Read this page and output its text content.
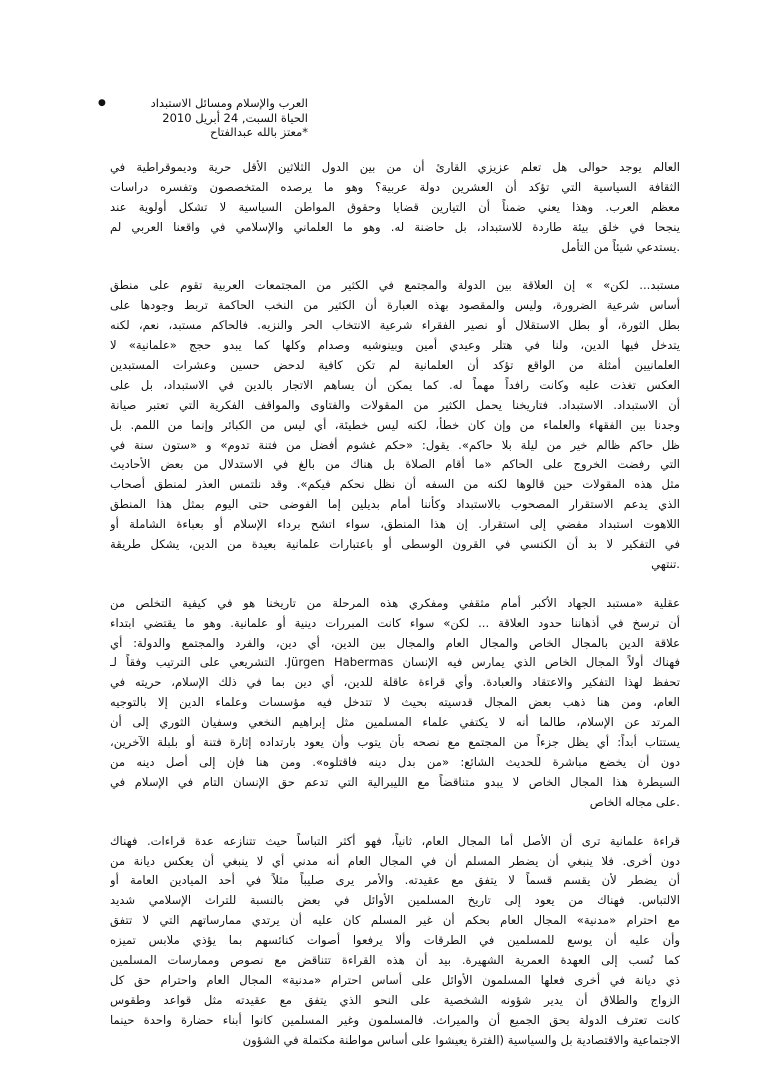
●	العرب والإسلام ومسائل الاستبداد
الحياة السبت, 24 أبريل 2010
*معتز بالله عبدالفتاح
العالم يوجد حوالى هل تعلم عزيزي القارئ أن من بين الدول الثلاثين الأقل حرية وديموقراطية في
الثقافة السياسية التي تؤكد أن العشرين دولة عربية؟ وهو ما يرصده المتخصصون وتفسره دراسات
معظم العرب. وهذا يعني ضمناً أن التيارين قضايا وحقوق المواطن السياسية لا تشكل أولوية عند
ينجحا في خلق بيئة طاردة للاستبداد، بل حاضنة له. وهو ما العلماني والإسلامي في واقعنا العربي لم
.يستدعي شيئاً من التأمل
مستبد... لكن» » إن العلاقة بين الدولة والمجتمع في الكثير من المجتمعات العربية تقوم على منطق
أساس شرعية الضرورة، وليس والمقصود بهذه العبارة أن الكثير من النخب الحاكمة تربط وجودها على
بطل الثورة، أو بطل الاستقلال أو نصير الفقراء شرعية الانتخاب الحر والنزيه. فالحاكم مستبد، نعم، لكنه
يتدخل فيها الدين، ولنا في هتلر وعيدي أمين وبينوشيه وصدام وكلها كما يبدو حجج «علمانية» لا
العلمانيين أمثلة من الواقع تؤكد أن العلمانية لم تكن كافية لدحض حسين وعشرات المستبدين
العكس تغذت عليه وكانت رافداً مهماً له. كما يمكن أن يساهم الاتجار بالدين في الاستبداد، بل على
أن الاستبداد. الاستبداد. فتاريخنا يحمل الكثير من المقولات والفتاوى والمواقف الفكرية التي تعتبر صيانة
وجدنا بين الفقهاء والعلماء من وإن كان خطأ، لكنه ليس خطيئة، أي ليس من الكبائر وإنما من اللمم. بل
ظل حاكم ظالم خير من ليلة بلا حاكم». يقول: «حكم غشوم أفضل من فتنة تدوم» و «ستون سنة في
التي رفضت الخروج على الحاكم «ما أقام الصلاة بل هناك من بالغ في الاستدلال من بعض الأحاديث
مثل هذه المقولات حين قالوها لكنه من السفه أن نظل نحكم فيكم». وقد نلتمس العذر لمنطق أصحاب
الذي يدعم الاستقرار المصحوب بالاستبداد وكأننا أمام بديلين إما الفوضى حتى اليوم بمثل هذا المنطق
اللاهوت استبداد مفضي إلى استقرار. إن هذا المنطق، سواء اتشح برداء الإسلام أو بعباءة الشاملة أو
في التفكير لا بد أن الكنسي في القرون الوسطى أو باعتبارات علمانية بعيدة من الدين، يشكل طريقة
.تنتهي
عقلية «مستبد الجهاد الأكبر أمام مثقفي ومفكري هذه المرحلة من تاريخنا هو في كيفية التخلص من
أن ترسخ في أذهاننا حدود العلاقة ... لكن» سواء كانت المبررات دينية أو علمانية. وهو ما يقتضي ابتداء
علاقة الدين بالمجال الخاص والمجال العام والمجال بين الدين، أي دين، والفرد والمجتمع والدولة: أي
فهناك أولاً المجال الخاص الذي يمارس فيه الإنسان Jürgen Habermas. التشريعي على الترتيب وفقاً لـ
تحفظ لهذا التفكير والاعتقاد والعبادة. وأي قراءة عاقلة للدين، أي دين بما في ذلك الإسلام، حريته في
العام، ومن هنا ذهب بعض المجال قدسيته بحيث لا تتدخل فيه مؤسسات وعلماء الدين إلا بالتوجيه
المرتد عن الإسلام، طالما أنه لا يكتفي علماء المسلمين مثل إبراهيم النخعي وسفيان الثوري إلى أن
يستتاب أبداً: أي يظل جزءاً من المجتمع مع نصحه بأن يتوب وأن يعود بارتداده إثارة فتنة أو بلبلة الآخرين،
دون أن يخضع مباشرة للحديث الشائع: «من بدل دينه فاقتلوه». ومن هنا فإن إلى أصل دينه من
السيطرة هذا المجال الخاص لا يبدو متناقضاً مع الليبرالية التي تدعم حق الإنسان التام في الإسلام في
.على مجاله الخاص
قراءة علمانية ترى أن الأصل أما المجال العام، ثانياً، فهو أكثر التباساً حيث تتنازعه عدة قراءات. فهناك
دون أخرى. فلا ينبغي أن يضطر المسلم أن في المجال العام أنه مدني أي لا ينبغي أن يعكس ديانة من
أن يضطر لأن يقسم قسماً لا يتفق مع عقيدته. والأمر يرى صليباً مثلاً في أحد الميادين العامة أو
الالتباس. فهناك من يعود إلى تاريخ المسلمين الأوائل في بعض بالنسبة للتراث الإسلامي شديد
مع احترام «مدنية» المجال العام بحكم أن غير المسلم كان عليه أن يرتدي ممارساتهم التي لا تتفق
وأن عليه أن يوسع للمسلمين في الطرقات وألا يرفعوا أصوات كنائسهم بما يؤذي ملابس تميزه
كما نُسب إلى العهدة العمرية الشهيرة. بيد أن هذه القراءة تتناقض مع نصوص وممارسات المسلمين
ذي ديانة في أخرى فعلها المسلمون الأوائل على أساس احترام «مدنية» المجال العام واحترام حق كل
الزواج والطلاق أن يدير شؤونه الشخصية على النحو الذي يتفق مع عقيدته مثل قواعد وطقوس
كانت تعترف الدولة بحق الجميع أن والميراث. فالمسلمون وغير المسلمين كانوا أبناء حضارة واحدة حينما
الاجتماعية والاقتصادية بل والسياسية (الفترة يعيشوا على أساس مواطنة مكتملة في الشؤون
